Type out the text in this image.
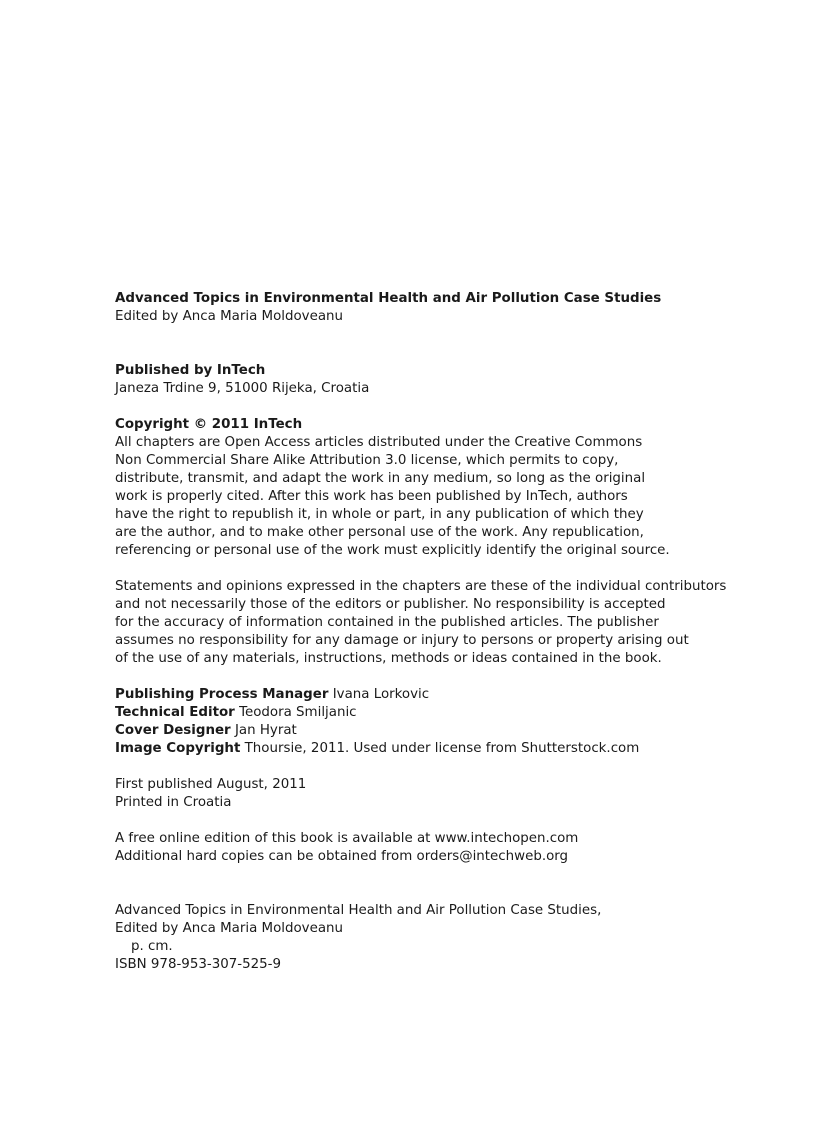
Advanced Topics in Environmental Health and Air Pollution Case Studies
Edited by Anca Maria Moldoveanu
Published by InTech
Janeza Trdine 9, 51000 Rijeka, Croatia
Copyright © 2011 InTech
All chapters are Open Access articles distributed under the Creative Commons
Non Commercial Share Alike Attribution 3.0 license, which permits to copy,
distribute, transmit, and adapt the work in any medium, so long as the original
work is properly cited. After this work has been published by InTech, authors
have the right to republish it, in whole or part, in any publication of which they
are the author, and to make other personal use of the work. Any republication,
referencing or personal use of the work must explicitly identify the original source.
Statements and opinions expressed in the chapters are these of the individual contributors
and not necessarily those of the editors or publisher. No responsibility is accepted
for the accuracy of information contained in the published articles. The publisher
assumes no responsibility for any damage or injury to persons or property arising out
of the use of any materials, instructions, methods or ideas contained in the book.
Publishing Process Manager Ivana Lorkovic
Technical Editor Teodora Smiljanic
Cover Designer Jan Hyrat
Image Copyright Thoursie, 2011. Used under license from Shutterstock.com
First published August, 2011
Printed in Croatia
A free online edition of this book is available at www.intechopen.com
Additional hard copies can be obtained from orders@intechweb.org
Advanced Topics in Environmental Health and Air Pollution Case Studies,
Edited by Anca Maria Moldoveanu
p. cm.
ISBN 978-953-307-525-9
